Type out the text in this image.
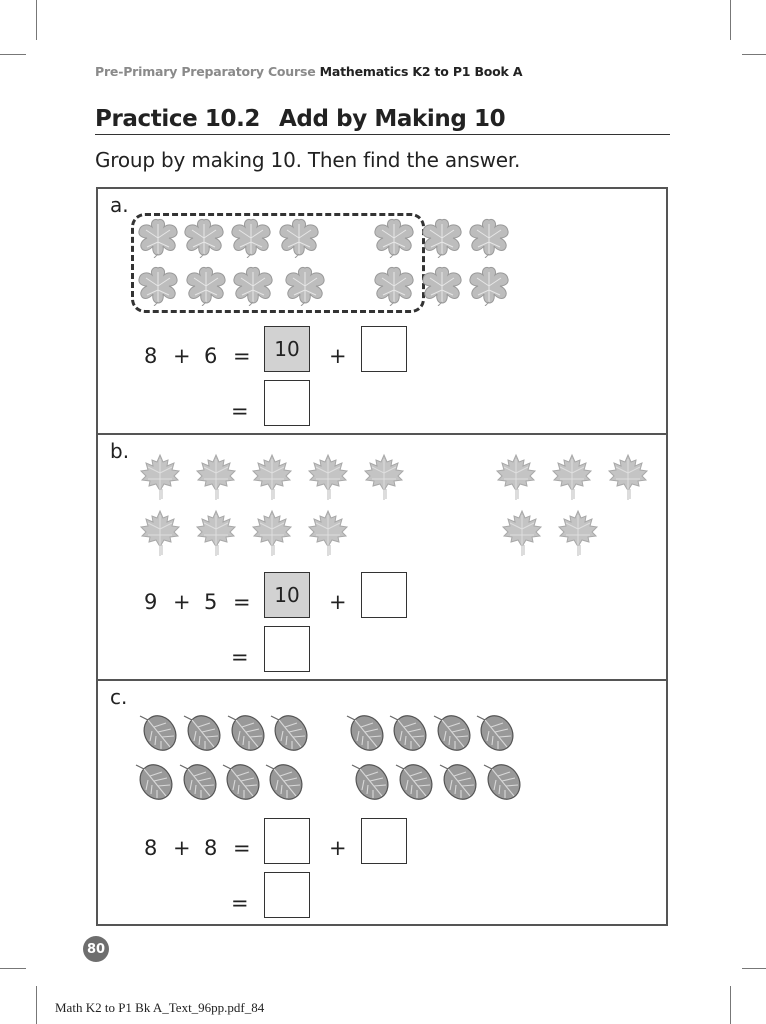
Pre-Primary Preparatory Course Mathematics K2 to P1 Book A
Practice 10.2 Add by Making 10
Group by making 10. Then find the answer.
a.
8 + 6 =	10	+
=
b.
9 + 5 =	10	+
=
c.
8 + 8 =	+
=
80
Math K2 to P1 Bk A_Text_96pp.pdf_84
